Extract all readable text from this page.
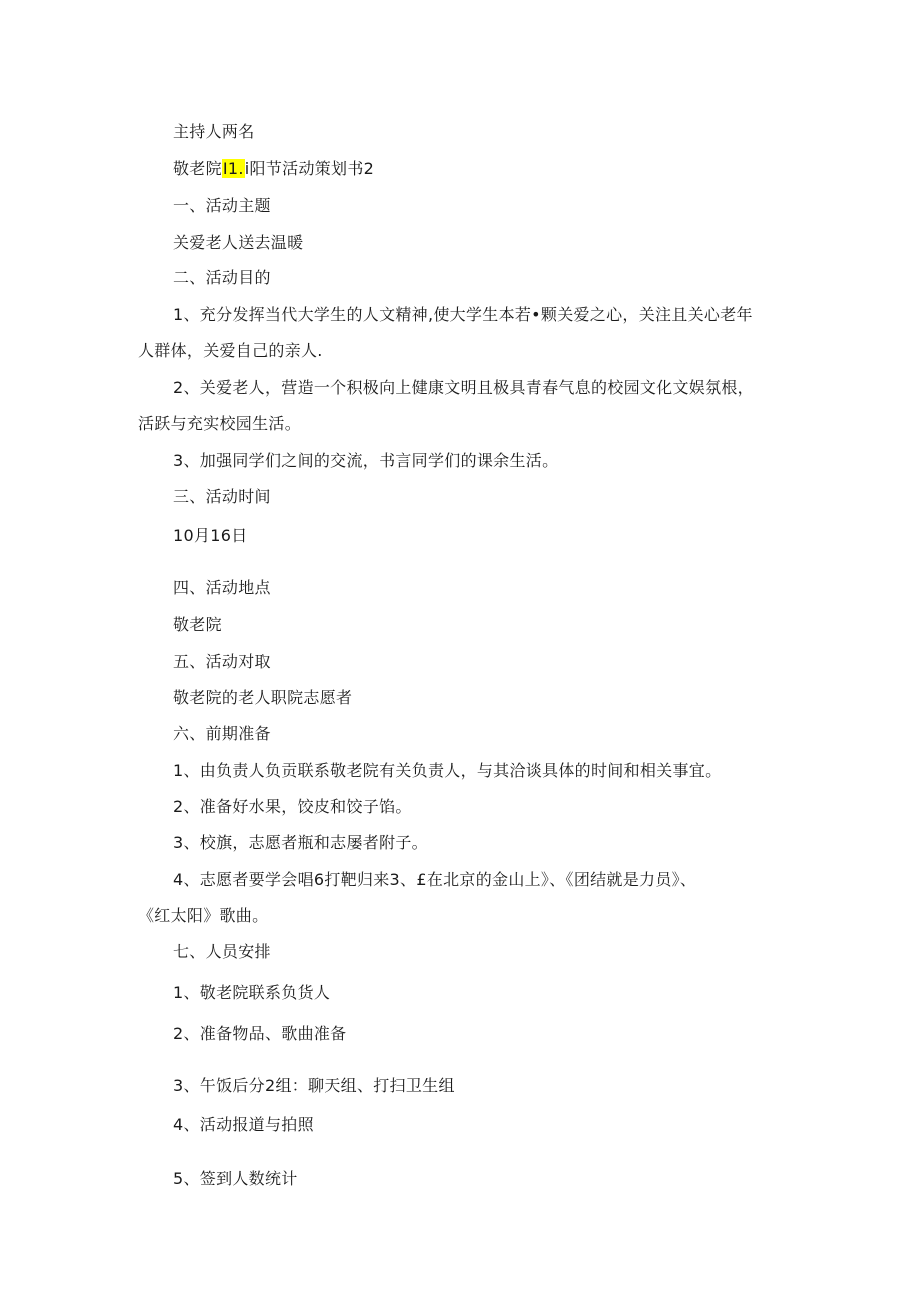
主持人两名
敬老院I1.i阳节活动策划书2
一、活动主题
关爱老人送去温暖
二、活动目的
1、充分发挥当代大学生的人文精神,使大学生本若•颗关爱之心，关注且关心老年
人群体，关爱自己的亲人.
2、关爱老人，营造一个积极向上健康文明且极具青春气息的校园文化文娱氛根，
活跃与充实校园生活。
3、加强同学们之间的交流，书言同学们的课余生活。
三、活动时间
10月16日
四、活动地点
敬老院
五、活动对取
敬老院的老人职院志愿者
六、前期准备
1、由负责人负贡联系敬老院有关负责人，与其洽谈具体的时间和相关事宜。
2、准备好水果，饺皮和饺子馅。
3、校旗，志愿者瓶和志屡者附子。
4、志愿者要学会唱6打靶归来3、£在北京的金山上》、《团结就是力员》、
《红太阳》歌曲。
七、人员安排
1、敬老院联系负货人
2、准备物品、歌曲准备
3、午饭后分2组：聊天组、打扫卫生组
4、活动报道与拍照
5、签到人数统计
